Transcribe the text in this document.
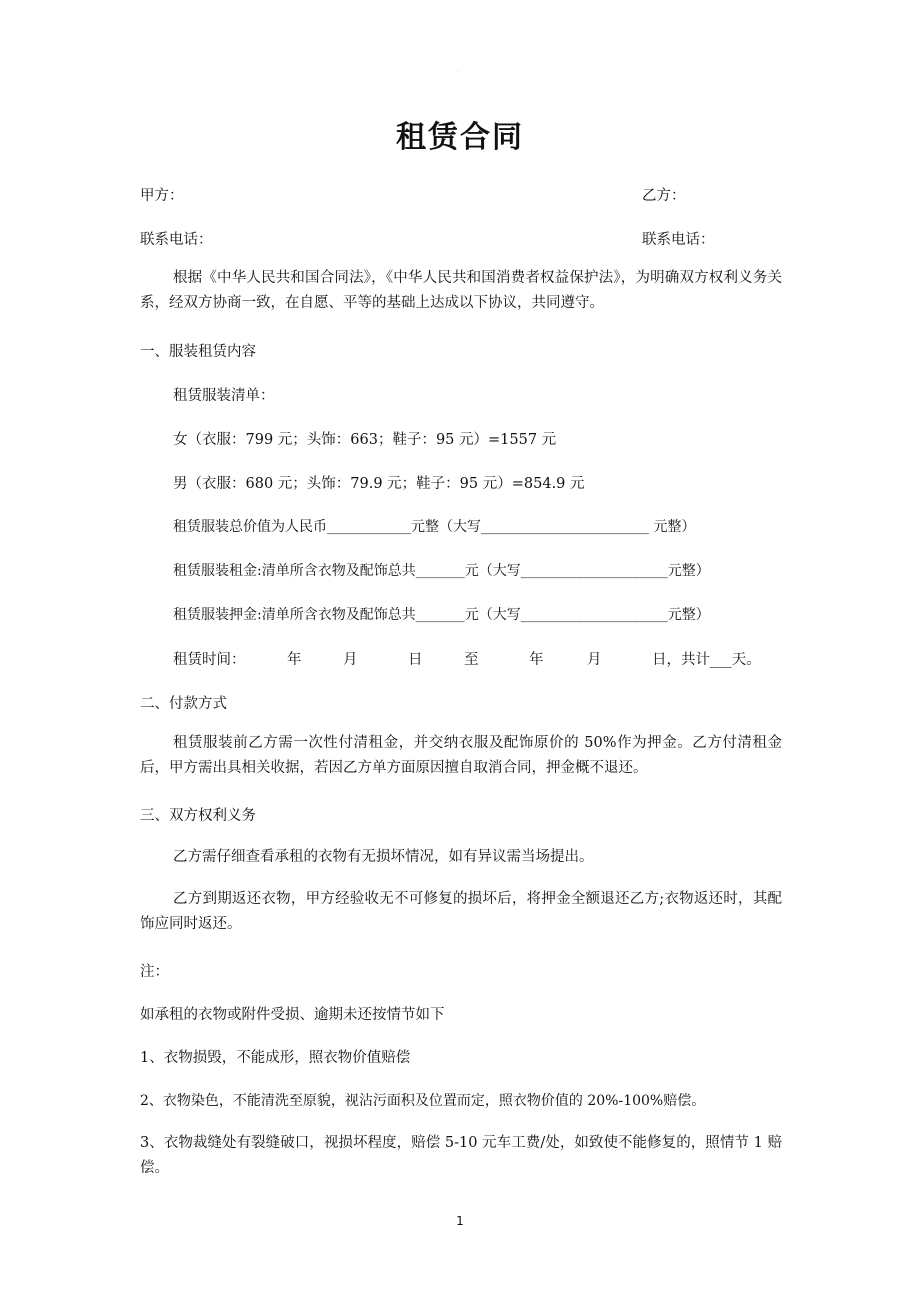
·
租赁合同
甲方：	乙方：
联系电话：	联系电话：

根据《中华人民共和国合同法》，《中华人民共和国消费者权益保护法》，为明确双方权利义务关系，经双方协商一致，在自愿、平等的基础上达成以下协议，共同遵守。

一、服装租赁内容
租赁服装清单：
女（衣服：799 元；头饰：663；鞋子：95 元）=1557 元
男（衣服：680 元；头饰：79.9 元；鞋子：95 元）=854.9 元
租赁服装总价值为人民币____________元整（大写________________________ 元整）
租赁服装租金:清单所含衣物及配饰总共_______元（大写_____________________元整）
租赁服装押金:清单所含衣物及配饰总共_______元（大写_____________________元整）
租赁时间：	年	月	日	至	年	月	日，共计___天。
二、付款方式

租赁服装前乙方需一次性付清租金，并交纳衣服及配饰原价的 50%作为押金。乙方付清租金后，甲方需出具相关收据，若因乙方单方面原因擅自取消合同，押金概不退还。

三、双方权利义务

乙方需仔细查看承租的衣物有无损坏情况，如有异议需当场提出。

乙方到期返还衣物，甲方经验收无不可修复的损坏后，将押金全额退还乙方;衣物返还时，其配饰应同时返还。

注：
如承租的衣物或附件受损、逾期未还按情节如下
1、衣物损毁，不能成形，照衣物价值赔偿
2、衣物染色，不能清洗至原貌，视沾污面积及位置而定，照衣物价值的 20%-100%赔偿。

3、衣物裁缝处有裂缝破口，视损坏程度，赔偿 5-10 元车工费/处，如致使不能修复的，照情节 1 赔偿。

1
